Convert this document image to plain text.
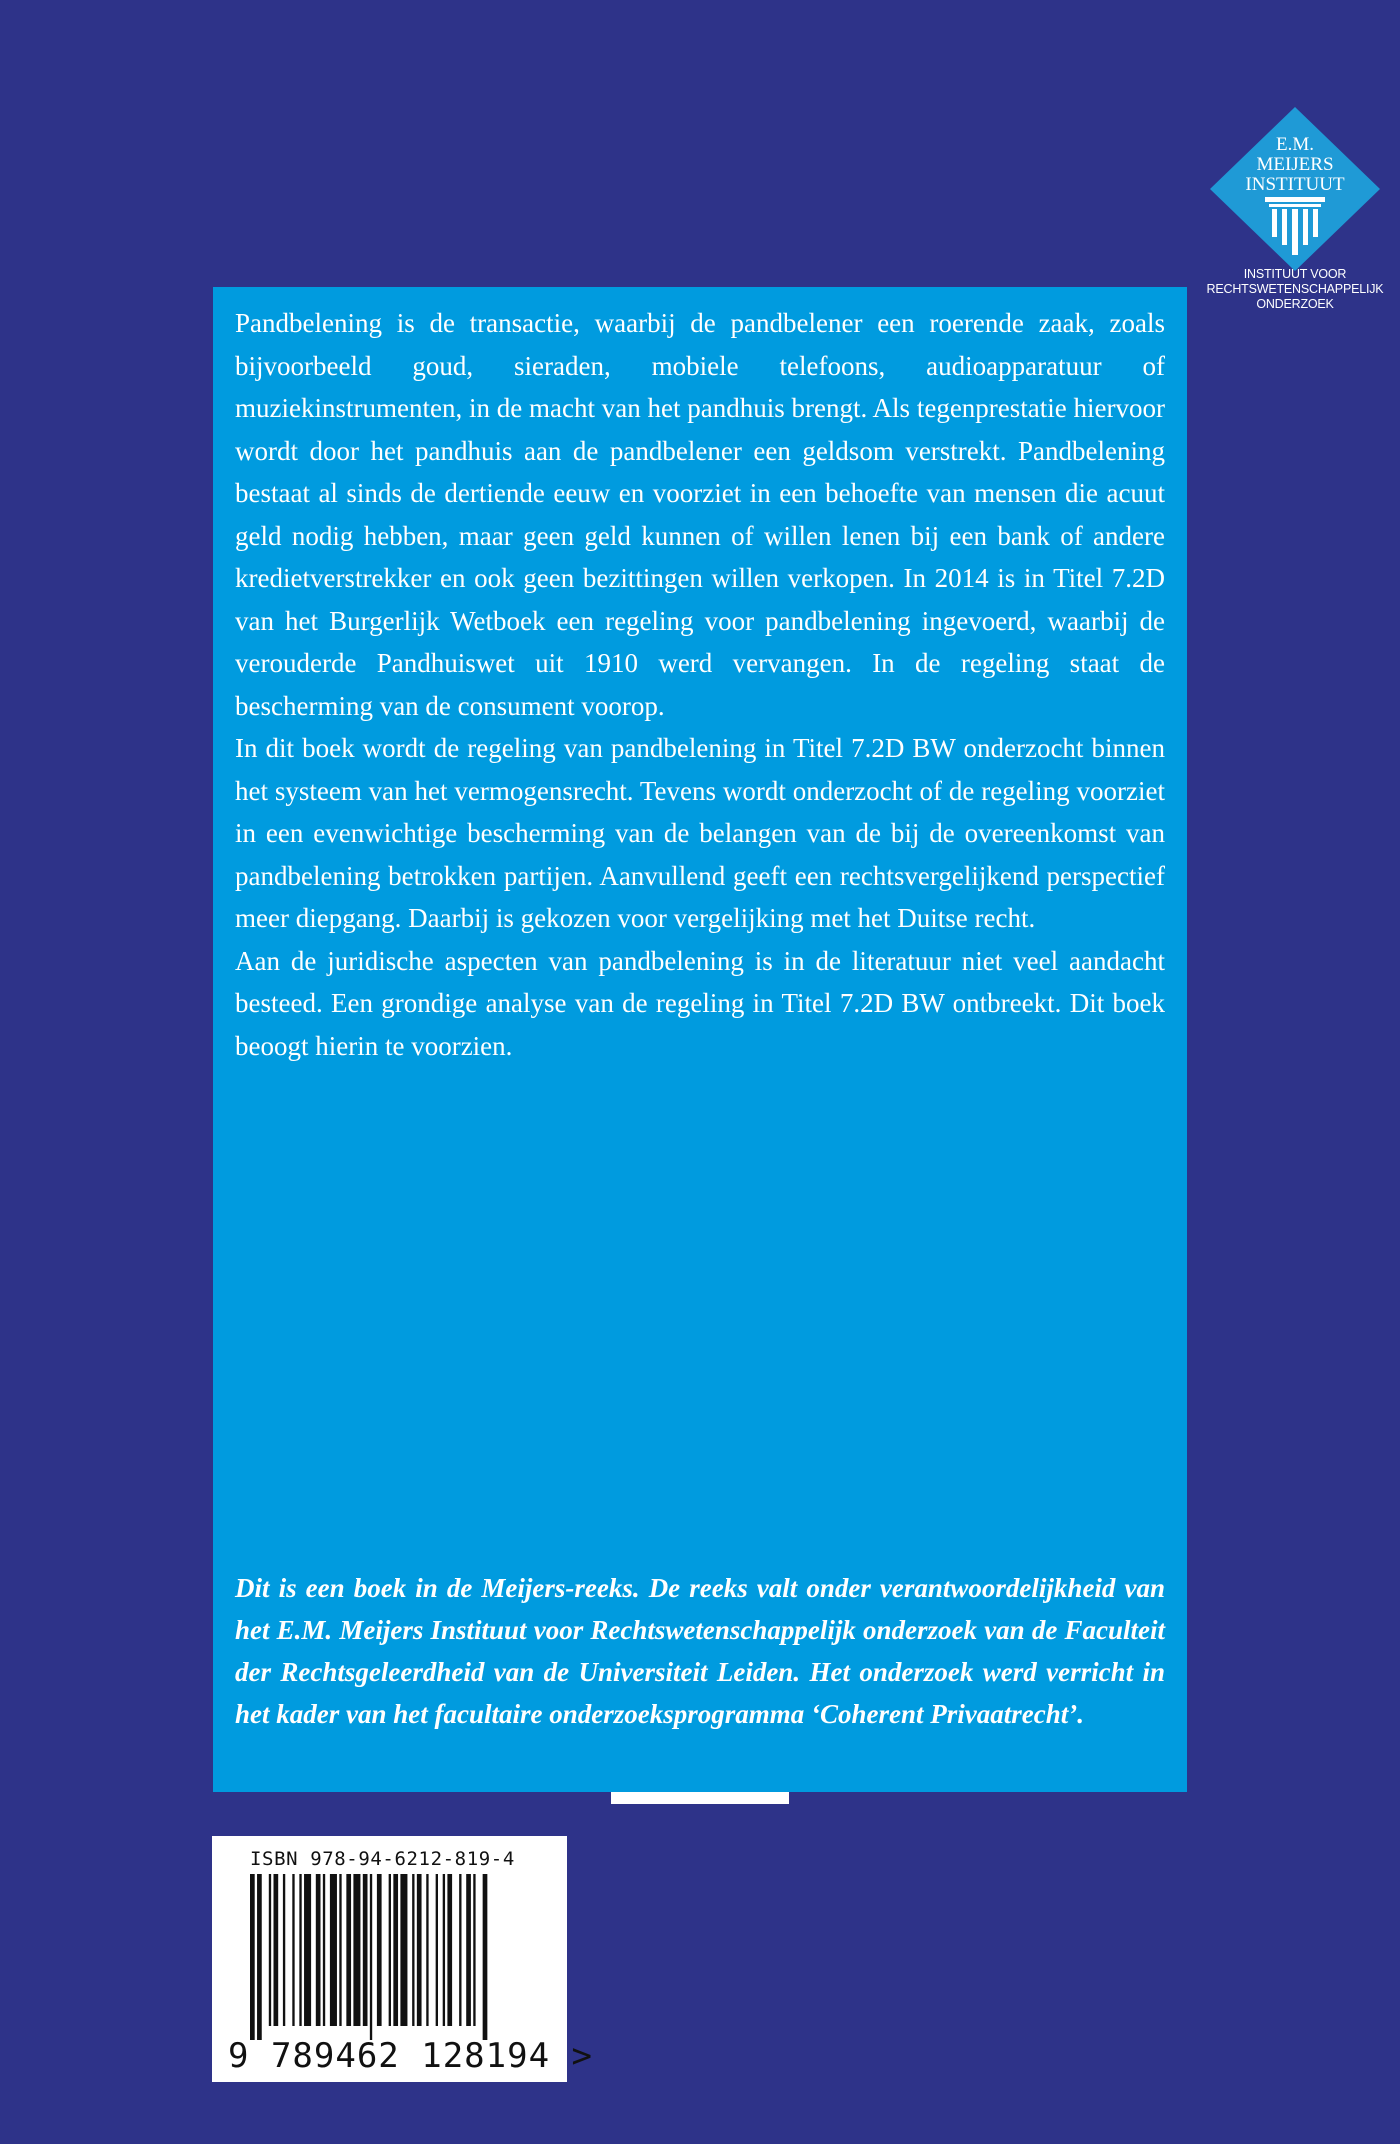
E.M.
MEIJERS
INSTITUUT
INSTITUUT VOOR
RECHTSWETENSCHAPPELIJK
ONDERZOEK

Pandbelening is de transactie, waarbij de pandbelener een roerende zaak, zoals bijvoorbeeld goud, sieraden, mobiele telefoons, audioapparatuur of muziekinstrumenten, in de macht van het pandhuis brengt. Als tegenprestatie hiervoor wordt door het pandhuis aan de pandbelener een geldsom verstrekt. Pandbelening bestaat al sinds de dertiende eeuw en voorziet in een behoefte van mensen die acuut geld nodig hebben, maar geen geld kunnen of willen lenen bij een bank of andere kredietverstrekker en ook geen bezittingen willen verkopen. In 2014 is in Titel 7.2D van het Burgerlijk Wetboek een regeling voor pandbelening ingevoerd, waarbij de verouderde Pandhuiswet uit 1910 werd vervangen. In de regeling staat de bescherming van de consument voorop.

In dit boek wordt de regeling van pandbelening in Titel 7.2D BW onderzocht binnen het systeem van het vermogensrecht. Tevens wordt onderzocht of de regeling voorziet in een evenwichtige bescherming van de belangen van de bij de overeenkomst van pandbelening betrokken partijen. Aanvullend geeft een rechtsvergelijkend perspectief meer diepgang. Daarbij is gekozen voor vergelijking met het Duitse recht.

Aan de juridische aspecten van pandbelening is in de literatuur niet veel aandacht besteed. Een grondige analyse van de regeling in Titel 7.2D BW ontbreekt. Dit boek beoogt hierin te voorzien.

Dit is een boek in de Meijers-reeks. De reeks valt onder verantwoordelijkheid van het E.M. Meijers Instituut voor Rechtswetenschappelijk onderzoek van de Faculteit der Rechtsgeleerdheid van de Universiteit Leiden. Het onderzoek werd verricht in het kader van het facultaire onderzoeksprogramma ‘Coherent Privaatrecht’.

ISBN 978-94-6212-819-4
9 789462 128194 >
